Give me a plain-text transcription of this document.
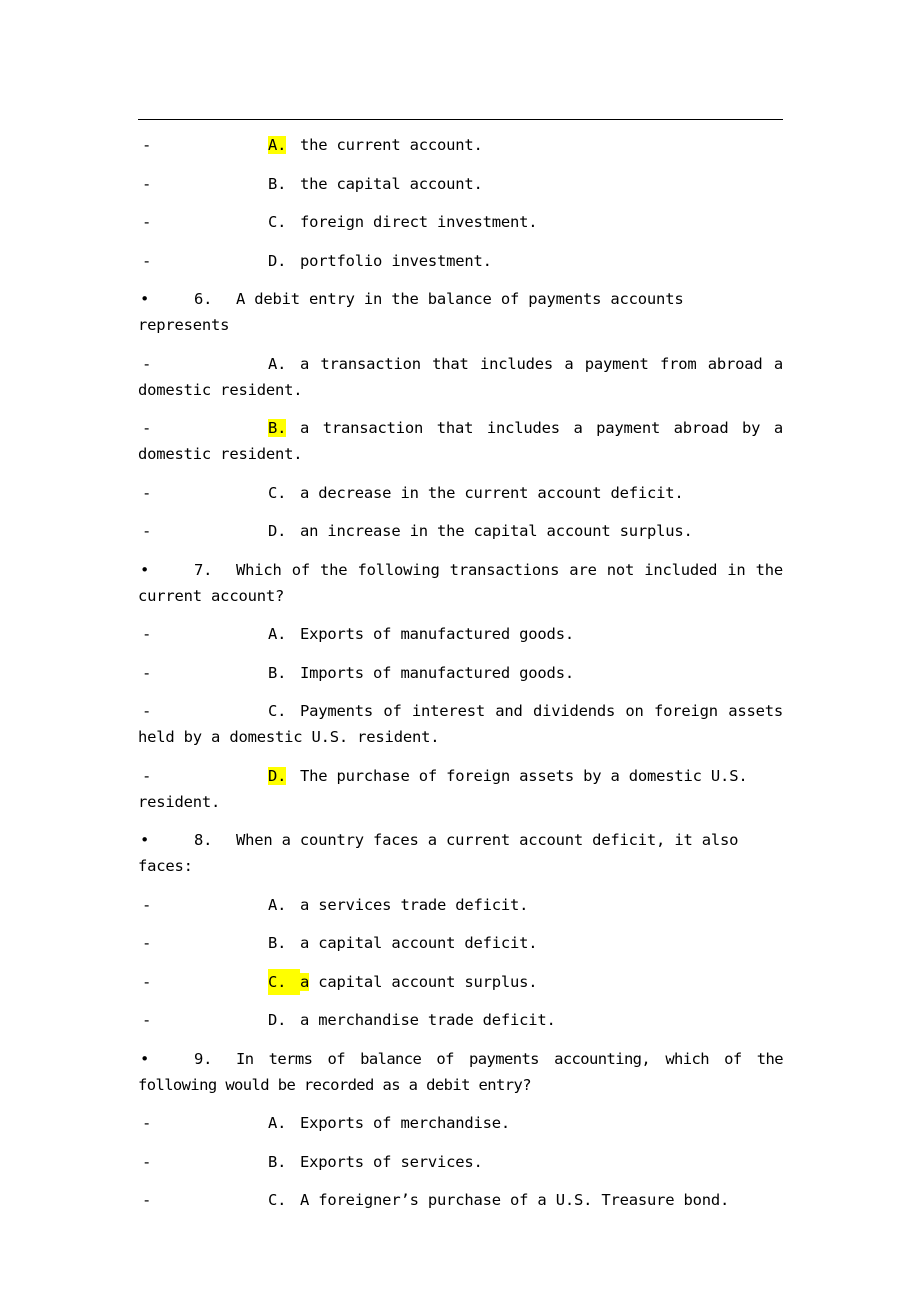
-	A. the current account.
-	B. the capital account.
-	C. foreign direct investment.
-	D. portfolio investment.
•	6. A debit entry in the balance of payments accounts represents
-	A. a transaction that includes a payment from abroad a domestic resident.
-	B. a transaction that includes a payment abroad by a domestic resident.
-	C. a decrease in the current account deficit.
-	D. an increase in the capital account surplus.
•	7. Which of the following transactions are not included in the current account?
-	A. Exports of manufactured goods.
-	B. Imports of manufactured goods.
-	C. Payments of interest and dividends on foreign assets held by a domestic U.S. resident.
-	D. The purchase of foreign assets by a domestic U.S. resident.
•	8. When a country faces a current account deficit, it also faces:
-	A. a services trade deficit.
-	B. a capital account deficit.
-	C. a capital account surplus.
-	D. a merchandise trade deficit.
•	9. In terms of balance of payments accounting, which of the following would be recorded as a debit entry?
-	A. Exports of merchandise.
-	B. Exports of services.
-	C. A foreigner’s purchase of a U.S. Treasure bond.
